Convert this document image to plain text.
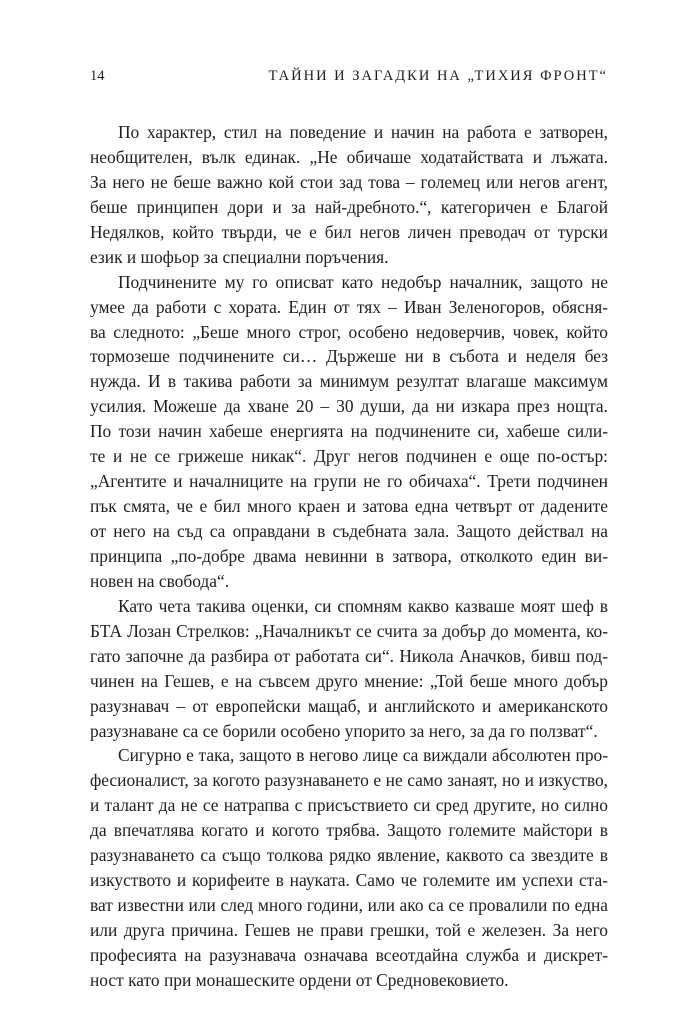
14	ТАЙНИ И ЗАГАДКИ НА „ТИХИЯ ФРОНТ“
По характер, стил на поведение и начин на работа е затворен,
необщителен, вълк единак. „Не обичаше ходатайствата и лъжата.
За него не беше важно кой стои зад това – големец или негов агент,
беше принципен дори и за най-дребното.“, категоричен е Благой
Недялков, който твърди, че е бил негов личен преводач от турски
език и шофьор за специални поръчения.
Подчинените му го описват като недобър началник, защото не
умее да работи с хората. Един от тях – Иван Зеленогоров, обясня-
ва следното: „Беше много строг, особено недоверчив, човек, който
тормозеше подчинените си… Държеше ни в събота и неделя без
нужда. И в такива работи за минимум резултат влагаше максимум
усилия. Можеше да хване 20 – 30 души, да ни изкара през нощта.
По този начин хабеше енергията на подчинените си, хабеше сили-
те и не се грижеше никак“. Друг негов подчинен е още по-остър:
„Агентите и началниците на групи не го обичаха“. Трети подчинен
пък смята, че е бил много краен и затова една четвърт от дадените
от него на съд са оправдани в съдебната зала. Защото действал на
принципа „по-добре двама невинни в затвора, отколкото един ви-
новен на свобода“.
Като чета такива оценки, си спомням какво казваше моят шеф в
БТА Лозан Стрелков: „Началникът се счита за добър до момента, ко-
гато започне да разбира от работата си“. Никола Аначков, бивш под-
чинен на Гешев, е на съвсем друго мнение: „Той беше много добър
разузнавач – от европейски мащаб, и английското и американското
разузнаване са се борили особено упорито за него, за да го ползват“.
Сигурно е така, защото в негово лице са виждали абсолютен про-
фесионалист, за когото разузнаването е не само занаят, но и изкуство,
и талант да не се натрапва с присъствието си сред другите, но силно
да впечатлява когато и когото трябва. Защото големите майстори в
разузнаването са също толкова рядко явление, каквото са звездите в
изкуството и корифеите в науката. Само че големите им успехи ста-
ват известни или след много години, или ако са се провалили по една
или друга причина. Гешев не прави грешки, той е железен. За него
професията на разузнавача означава всеотдайна служба и дискрет-
ност като при монашеските ордени от Средновековието.
